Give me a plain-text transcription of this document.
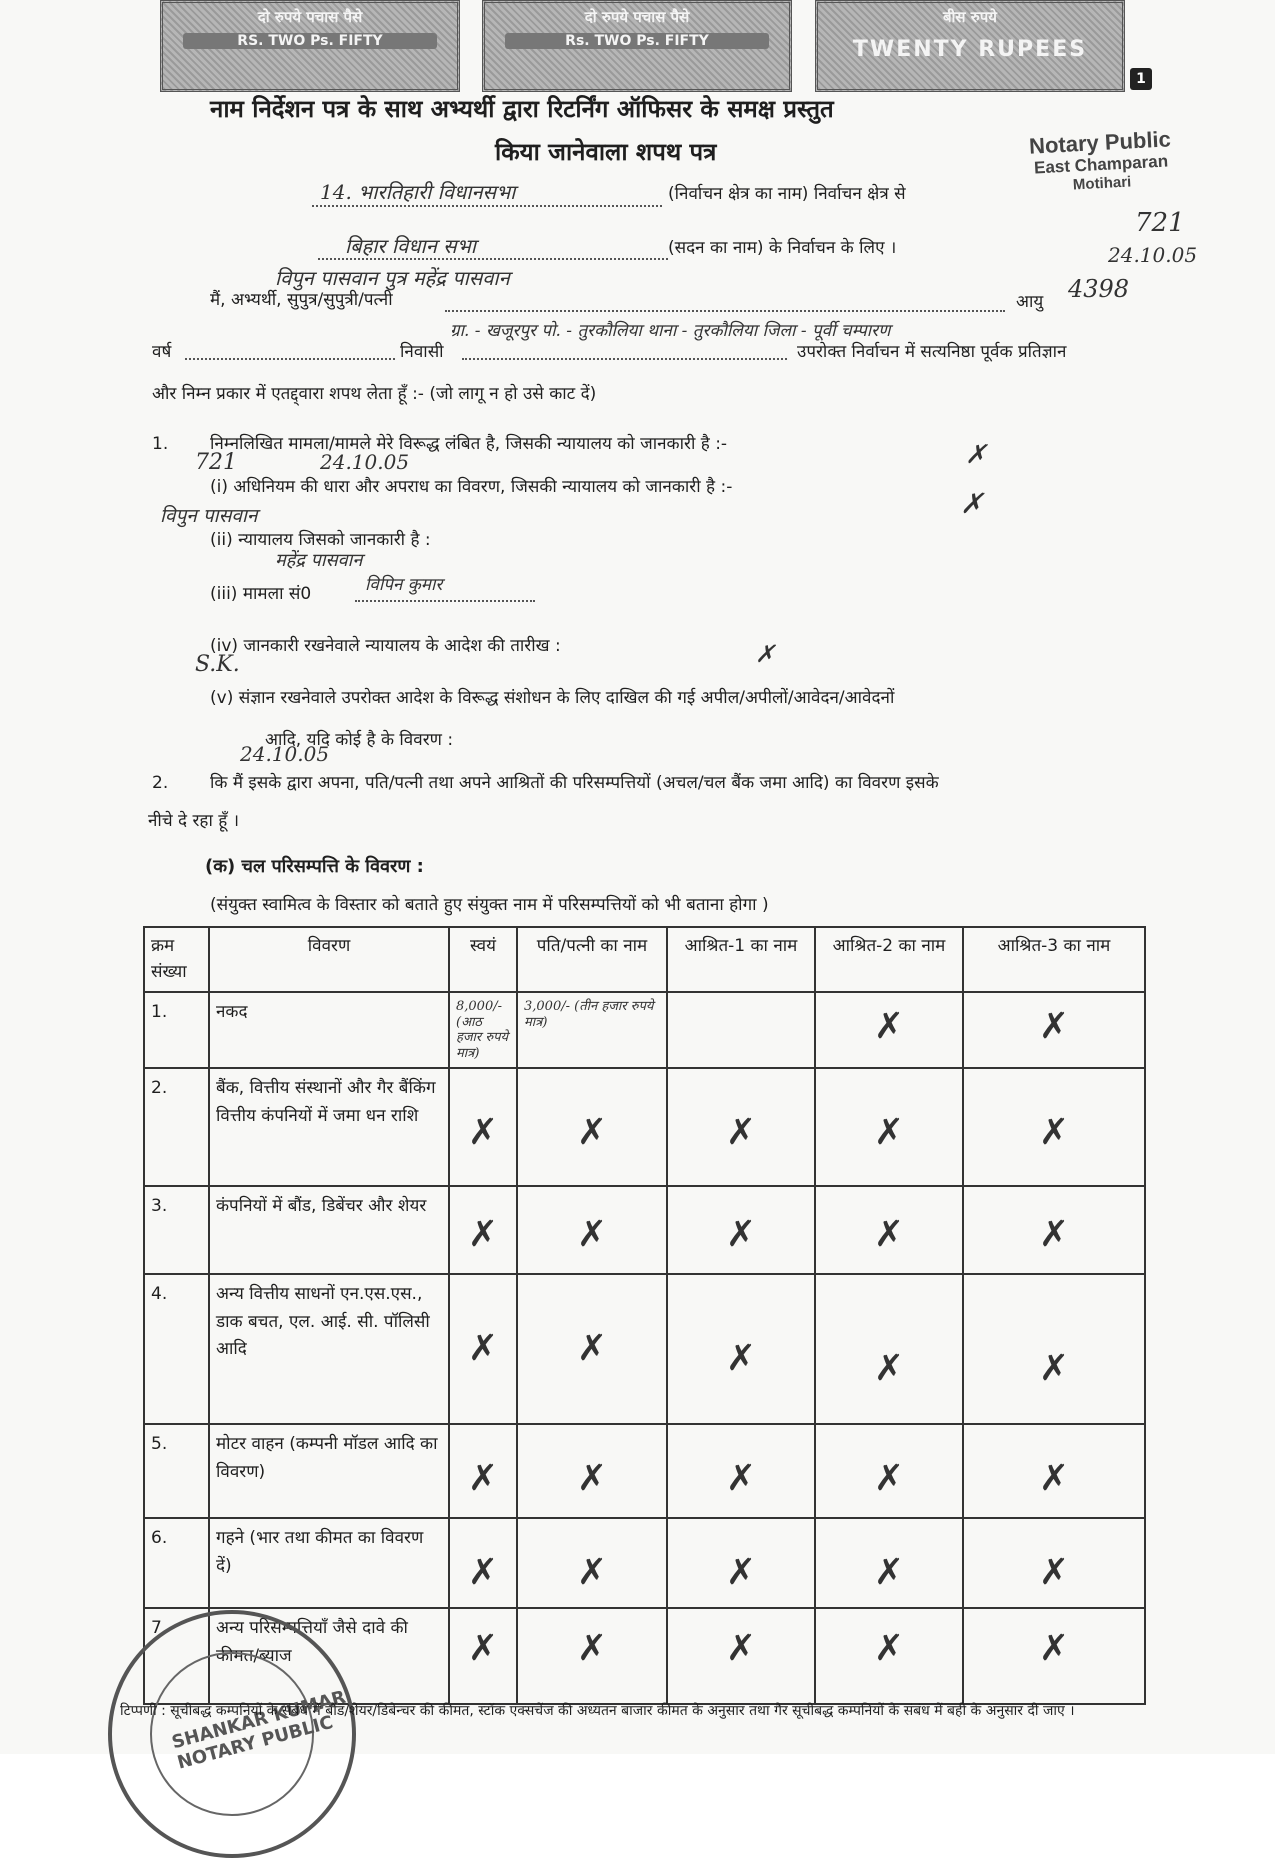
दो रुपये पचास पैसे
RS. TWO Ps. FIFTY
दो रुपये पचास पैसे
Rs. TWO Ps. FIFTY
बीस रुपये
TWENTY RUPEES
1
नाम निर्देशन पत्र के साथ अभ्यर्थी द्वारा रिटर्निंग ऑफिसर के समक्ष प्रस्तुत
किया जानेवाला शपथ पत्र	Notary Public
East Champaran
Motihari
721
24.10.05
4398
14. भारतिहारी विधानसभा	(निर्वाचन क्षेत्र का नाम) निर्वाचन क्षेत्र से
बिहार विधान सभा	(सदन का नाम) के निर्वाचन के लिए ।
मैं, अभ्यर्थी, सुपुत्र/सुपुत्री/पत्नी
विपुन पासवान पुत्र महेंद्र पासवान
आयु
वर्ष	निवासी
ग्रा. - खजूरपुर पो. - तुरकौलिया थाना - तुरकौलिया जिला - पूर्वी चम्पारण
उपरोक्त निर्वाचन में सत्यनिष्ठा पूर्वक प्रतिज्ञान
और निम्न प्रकार में एतद्द्वारा शपथ लेता हूँ :- (जो लागू न हो उसे काट दें)
1. निम्नलिखित मामला/मामले मेरे विरूद्ध लंबित है, जिसकी न्यायालय को जानकारी है :-	✗
721	24.10.05
(i) अधिनियम की धारा और अपराध का विवरण, जिसकी न्यायालय को जानकारी है :-	✗
विपुन पासवान
(ii) न्यायालय जिसको जानकारी है :
महेंद्र पासवान
(iii) मामला सं0	विपिन कुमार
(iv) जानकारी रखनेवाले न्यायालय के आदेश की तारीख :	✗
S.K.
(v) संज्ञान रखनेवाले उपरोक्त आदेश के विरूद्ध संशोधन के लिए दाखिल की गई अपील/अपीलों/आवेदन/आवेदनों
आदि, यदि कोई है के विवरण :
24.10.05
2. कि मैं इसके द्वारा अपना, पति/पत्नी तथा अपने आश्रितों की परिसम्पत्तियों (अचल/चल बैंक जमा आदि) का विवरण इसके
नीचे दे रहा हूँ ।
(क) चल परिसम्पत्ति के विवरण :
(संयुक्त स्वामित्व के विस्तार को बताते हुए संयुक्त नाम में परिसम्पत्तियों को भी बताना होगा )
क्रम संख्या	विवरण	स्वयं	पति/पत्नी का नाम	आश्रित-1 का नाम	आश्रित-2 का नाम	आश्रित-3 का नाम
1.	नकद	8,000/- (आठ हजार रुपये मात्र)	3,000/- (तीन हजार रुपये मात्र)		✗	✗

2.	बैंक, वित्तीय संस्थानों और गैर बैंकिंग वित्तीय कंपनियों में जमा धन राशि	✗	✗	✗	✗	✗

3.	कंपनियों में बौंड, डिबेंचर और शेयर	✗	✗	✗	✗	✗

4.	अन्य वित्तीय साधनों एन.एस.एस., डाक बचत, एल. आई. सी. पॉलिसी आदि	✗	✗	✗	✗	✗

5.	मोटर वाहन (कम्पनी मॉडल आदि का विवरण)	✗	✗	✗	✗	✗

6.	गहने (भार तथा कीमत का विवरण दें)	✗	✗	✗	✗	✗

7.	अन्य परिसम्पत्तियाँ जैसे दावे की कीमत/ब्याज	✗	✗	✗	✗	✗
SHANKAR KUMAR NOTARY PUBLIC
टिप्पणी : सूचीबद्ध कम्पनियों के संबंध में बौंड/शेयर/डिबेन्चर की कीमत, स्टॉक एक्सचेंज की अध्यतन बाजार कीमत के अनुसार तथा गैर सूचीबद्ध कम्पनियों के संबंध में बही के अनुसार दी जाए ।
